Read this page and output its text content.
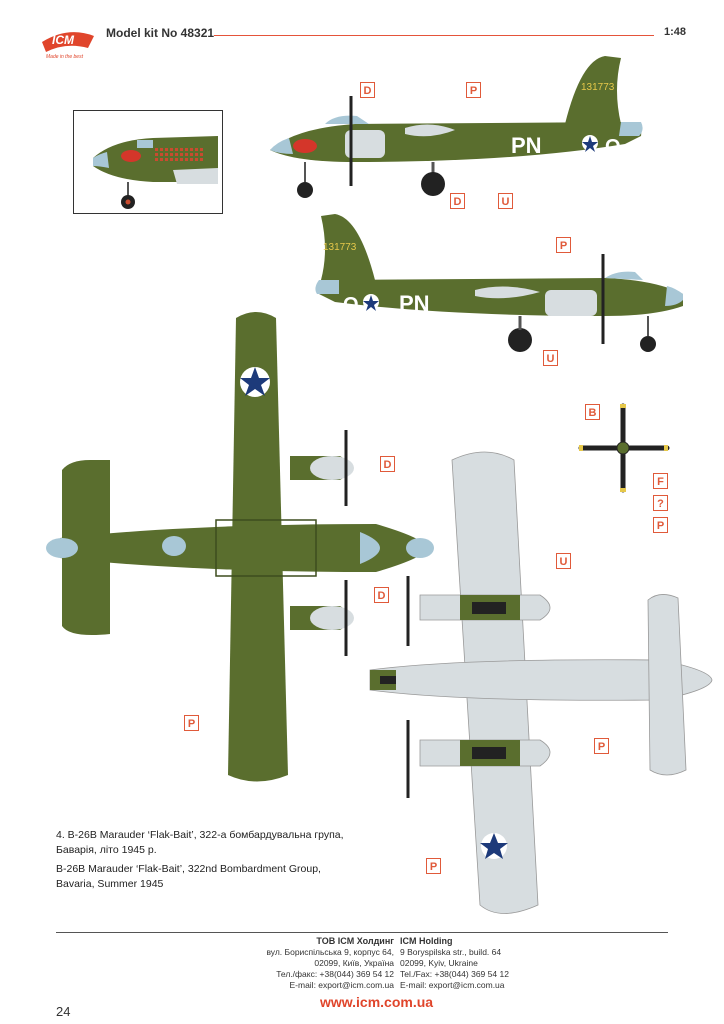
ICM
Made in the best
Model kit No 48321	1:48
PN	O
131773
O PN
131773
D	P
D	U
P
U
B
F
?
P
D
P
U
D
P
P
4. B-26B Marauder ‘Flak-Bait’, 322-а бомбардувальна група,
Баварія, літо 1945 р.
B-26B Marauder ‘Flak-Bait’, 322nd Bombardment Group,
Bavaria, Summer 1945
ТОВ ICM Холдинг
вул. Бориспільська 9, корпус 64,
02099, Київ, Україна
Тел./факс: +38(044) 369 54 12
E-mail: export@icm.com.ua
ICM Holding
9 Boryspilska str., build. 64
02099, Kyiv, Ukraine
Tel./Fax: +38(044) 369 54 12
E-mail: export@icm.com.ua
www.icm.com.ua
24
